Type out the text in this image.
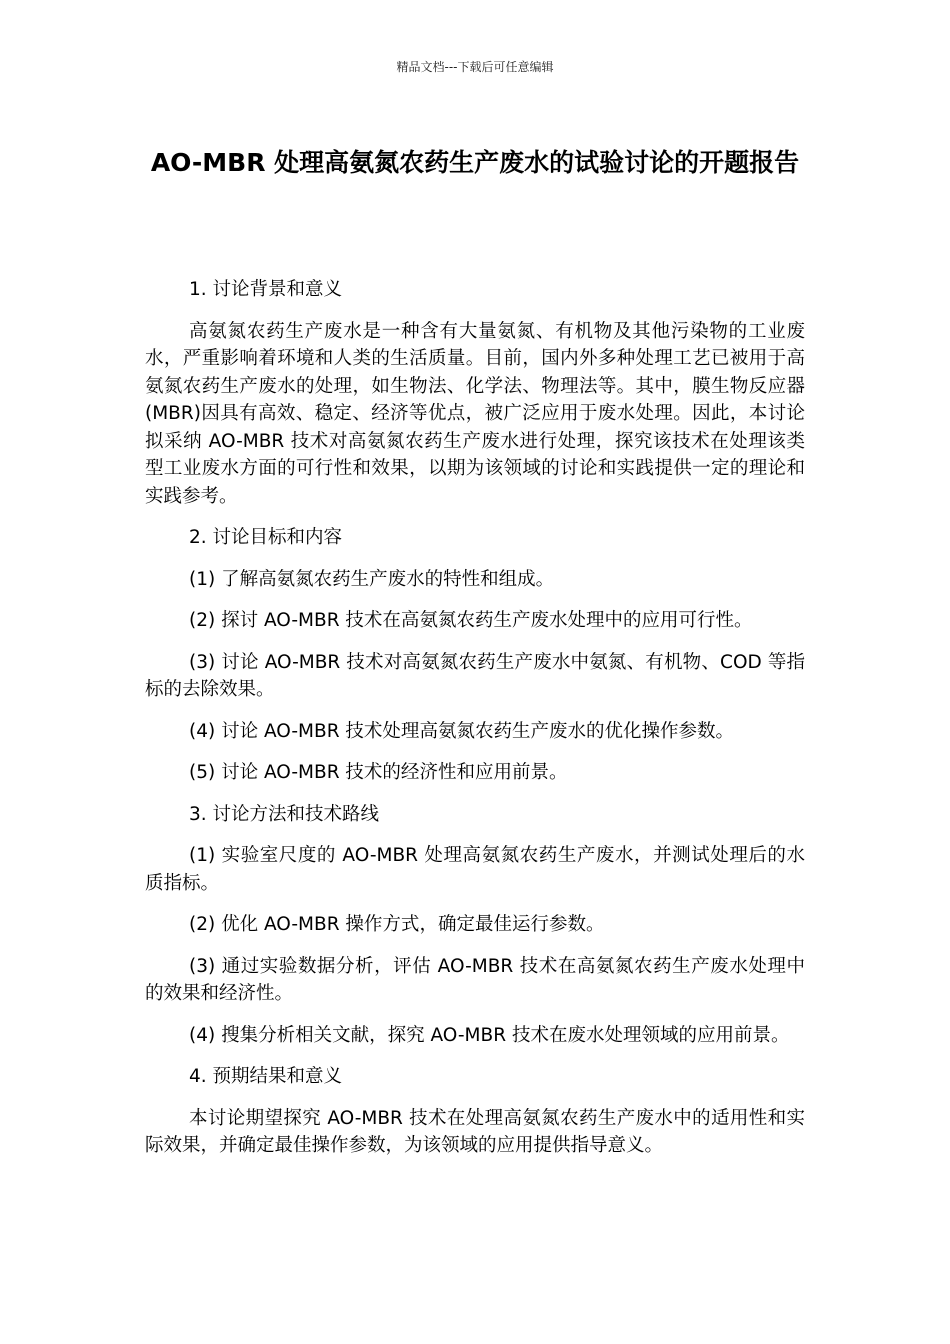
精品文档---下载后可任意编辑
AO-MBR 处理高氨氮农药生产废水的试验讨论的开题报告

1. 讨论背景和意义

高氨氮农药生产废水是一种含有大量氨氮、有机物及其他污染物的工业废水，严重影响着环境和人类的生活质量。目前，国内外多种处理工艺已被用于高氨氮农药生产废水的处理，如生物法、化学法、物理法等。其中，膜生物反应器(MBR)因具有高效、稳定、经济等优点，被广泛应用于废水处理。因此，本讨论拟采纳 AO-MBR 技术对高氨氮农药生产废水进行处理，探究该技术在处理该类型工业废水方面的可行性和效果，以期为该领域的讨论和实践提供一定的理论和实践参考。

2. 讨论目标和内容

(1) 了解高氨氮农药生产废水的特性和组成。

(2) 探讨 AO-MBR 技术在高氨氮农药生产废水处理中的应用可行性。

(3) 讨论 AO-MBR 技术对高氨氮农药生产废水中氨氮、有机物、COD 等指标的去除效果。

(4) 讨论 AO-MBR 技术处理高氨氮农药生产废水的优化操作参数。

(5) 讨论 AO-MBR 技术的经济性和应用前景。

3. 讨论方法和技术路线

(1) 实验室尺度的 AO-MBR 处理高氨氮农药生产废水，并测试处理后的水质指标。

(2) 优化 AO-MBR 操作方式，确定最佳运行参数。

(3) 通过实验数据分析，评估 AO-MBR 技术在高氨氮农药生产废水处理中的效果和经济性。

(4) 搜集分析相关文献，探究 AO-MBR 技术在废水处理领域的应用前景。

4. 预期结果和意义

本讨论期望探究 AO-MBR 技术在处理高氨氮农药生产废水中的适用性和实际效果，并确定最佳操作参数，为该领域的应用提供指导意义。
